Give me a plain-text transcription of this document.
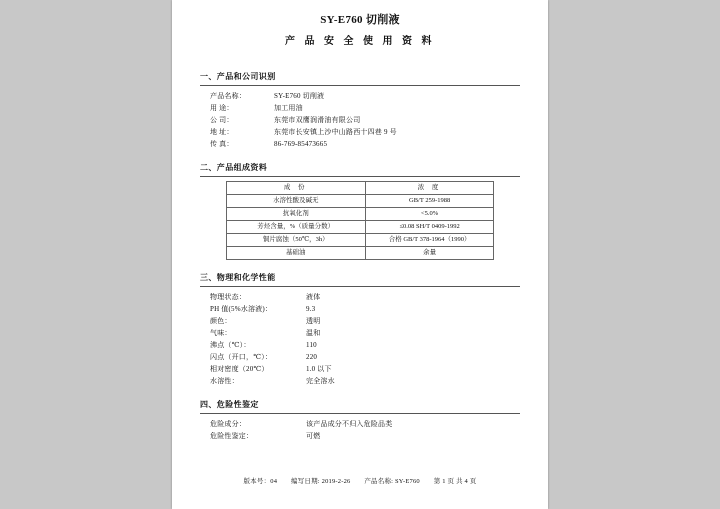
SY-E760 切削液
产 品 安 全 使 用 资 料
一、产品和公司识别
产品名称：	SY-E760 切削液
用 途：	加工用油
公 司：	东莞市双鹰润滑油有限公司
地 址：	东莞市长安镇上沙中山路西十四巷 9 号
传 真：	86-769-85473665
二、产品组成资料
成 份	浓 度
水溶性酸及碱无	GB/T 259-1988
抗氧化剂	<5.0%
芳烃含量，%（质量分数）	≤0.08 SH/T 0409-1992
铜片腐蚀（50℃，3h）	合格 GB/T 378-1964（1990）
基础油	余量
三、物理和化学性能
物理状态：	液体
PH 值(5%水溶液)：	9.3
颜色：	透明
气味：	温和
沸点（℃）：	110
闪点（开口，℃）：	220
相对密度（20℃）	1.0 以下
水溶性：	完全溶水
四、危险性鉴定
危险成分：	该产品成分不归入危险品类
危险性鉴定：	可燃
版本号：04 编写日期: 2019-2-26 产品名称: SY-E760 第 1 页 共 4 页
